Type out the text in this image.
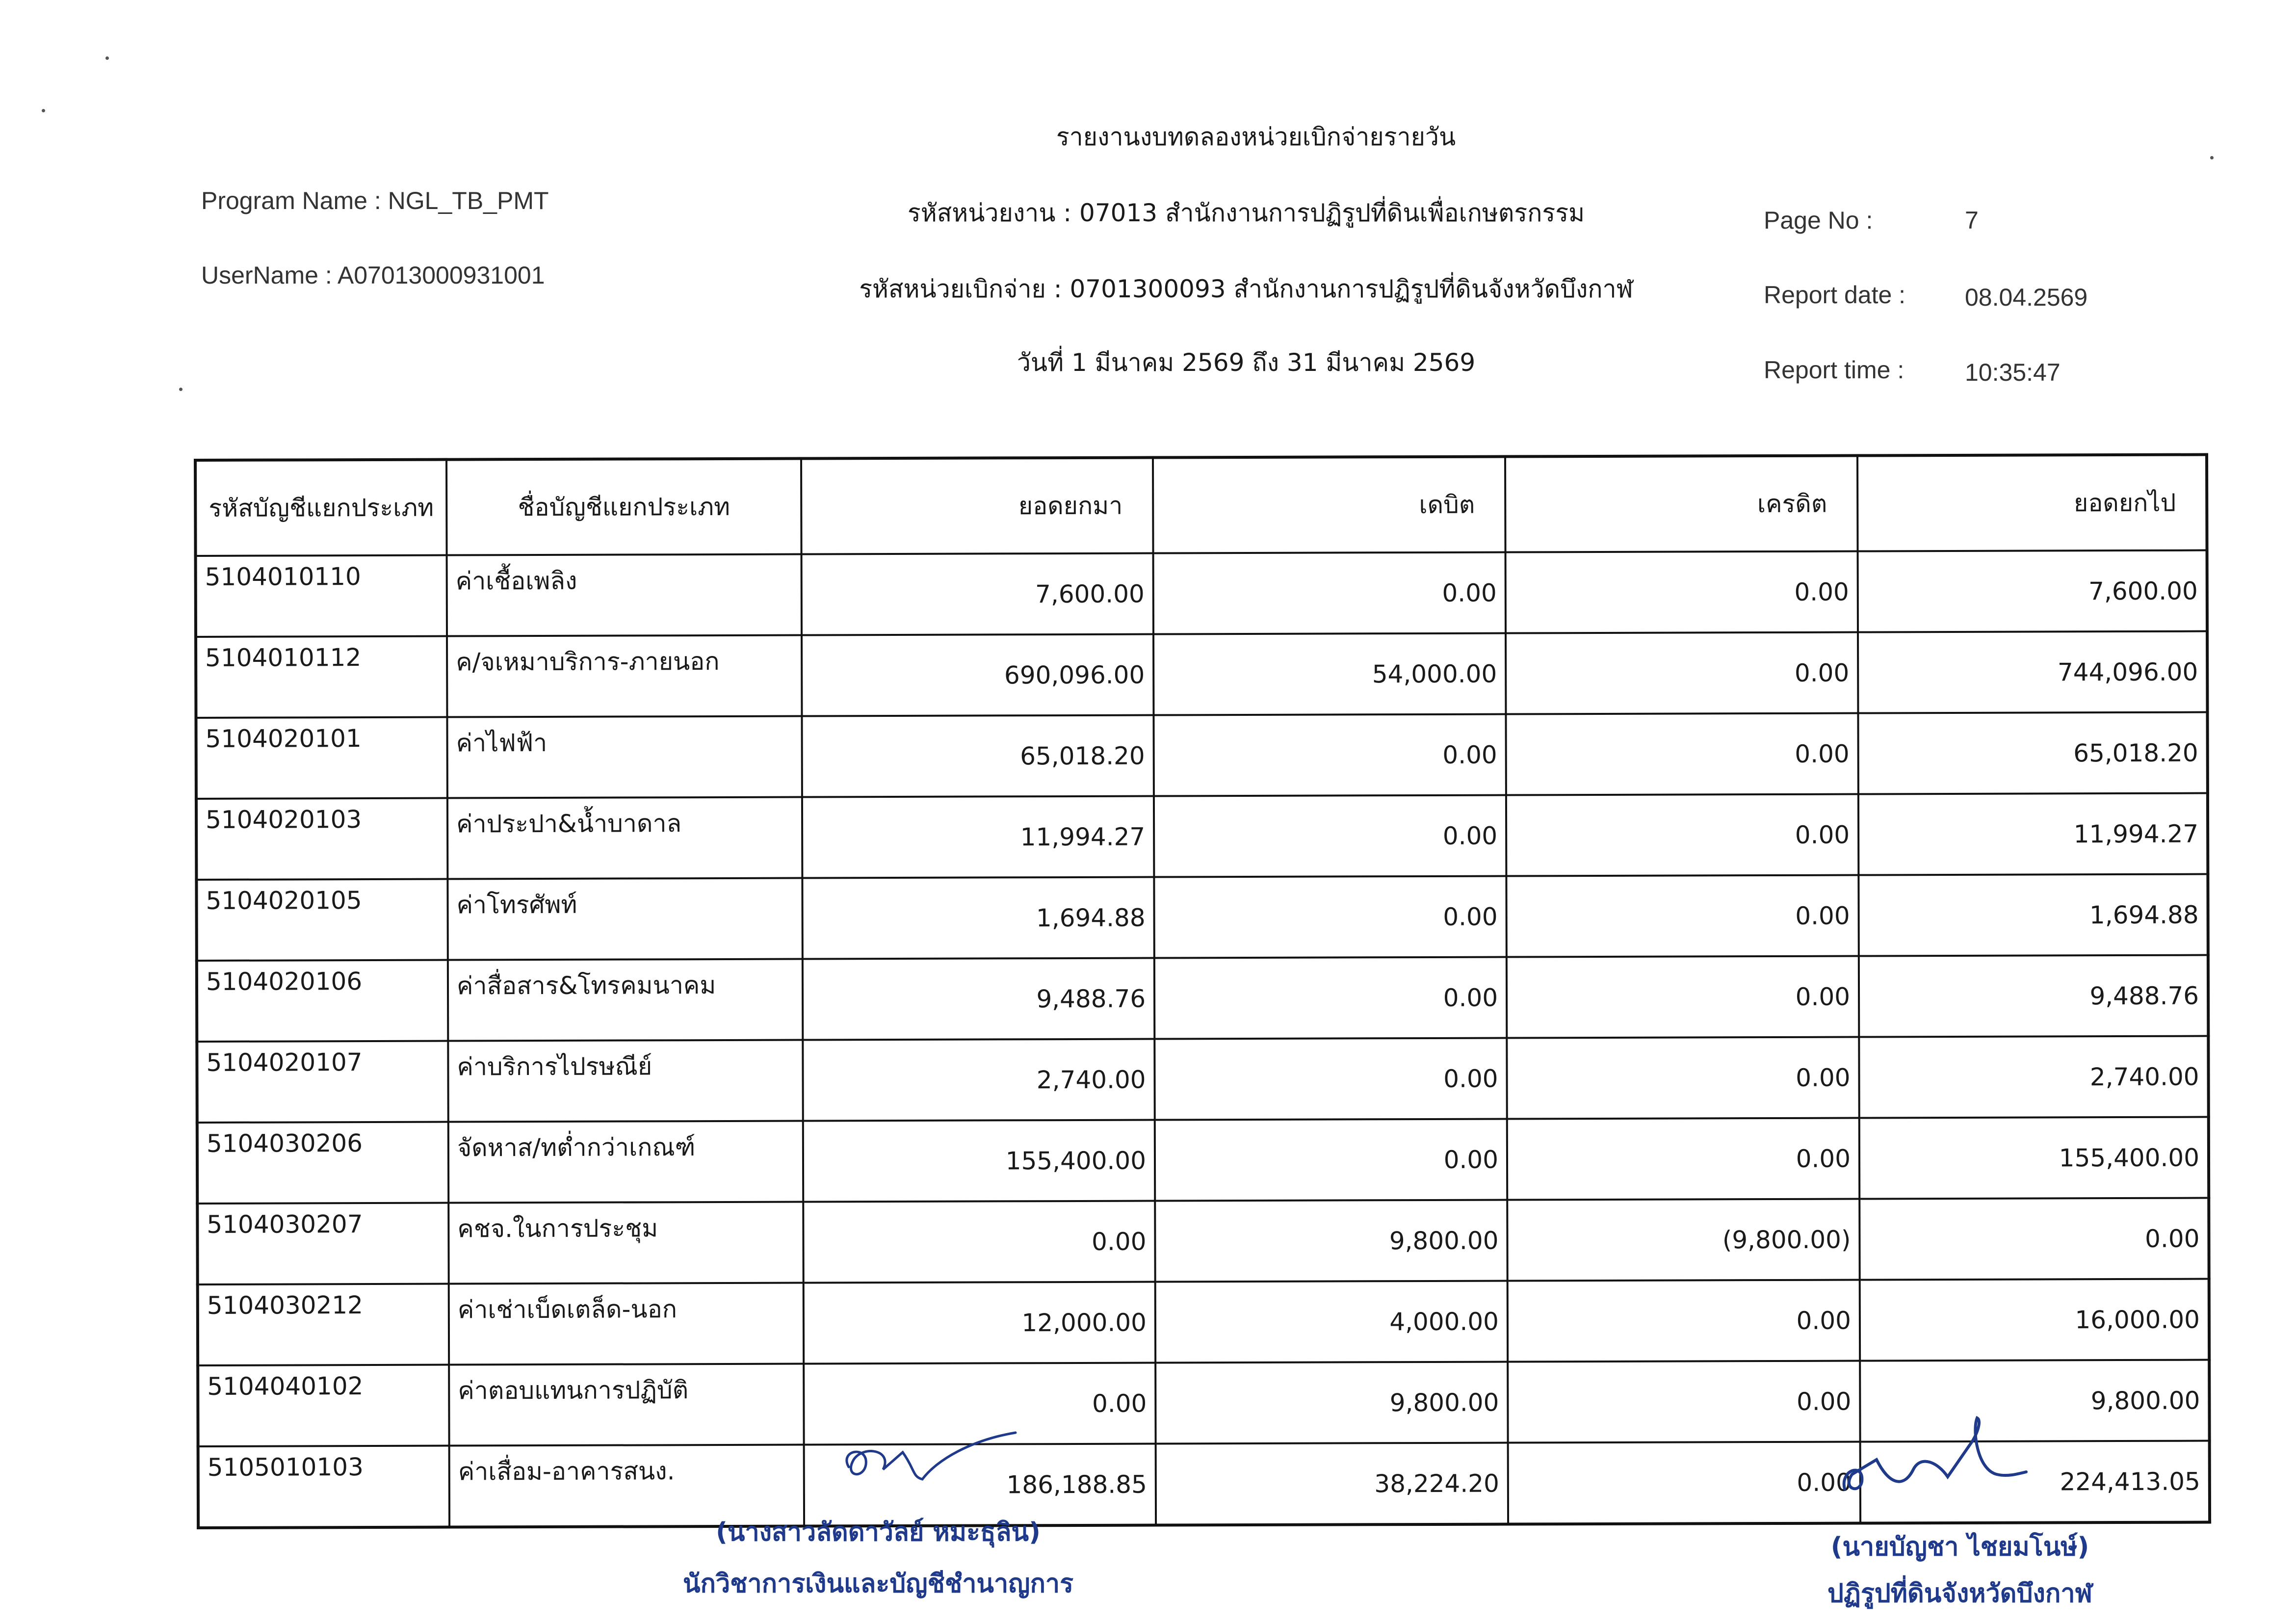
รายงานงบทดลองหน่วยเบิกจ่ายรายวัน
รหัสหน่วยงาน : 07013 สำนักงานการปฏิรูปที่ดินเพื่อเกษตรกรรม
รหัสหน่วยเบิกจ่าย : 0701300093 สำนักงานการปฏิรูปที่ดินจังหวัดบึงกาฬ
วันที่ 1 มีนาคม 2569 ถึง 31 มีนาคม 2569
Program Name : NGL_TB_PMT
UserName : A07013000931001
Page No :	7
Report date : 08.04.2569
Report time : 10:35:47
รหัสบัญชีแยกประเภท	ชื่อบัญชีแยกประเภท	ยอดยกมา	เดบิต	เครดิต	ยอดยกไป
5104010110	ค่าเชื้อเพลิง	7,600.00	0.00	0.00	7,600.00
5104010112	ค/จเหมาบริการ-ภายนอก	690,096.00	54,000.00	0.00	744,096.00
5104020101	ค่าไฟฟ้า	65,018.20	0.00	0.00	65,018.20
5104020103	ค่าประปา&น้ำบาดาล	11,994.27	0.00	0.00	11,994.27
5104020105	ค่าโทรศัพท์	1,694.88	0.00	0.00	1,694.88
5104020106	ค่าสื่อสาร&โทรคมนาคม	9,488.76	0.00	0.00	9,488.76
5104020107	ค่าบริการไปรษณีย์	2,740.00	0.00	0.00	2,740.00
5104030206	จัดหาส/ทต่ำกว่าเกณฑ์	155,400.00	0.00	0.00	155,400.00
5104030207	คชจ.ในการประชุม	0.00	9,800.00	(9,800.00)	0.00
5104030212	ค่าเช่าเบ็ดเตล็ด-นอก	12,000.00	4,000.00	0.00	16,000.00
5104040102	ค่าตอบแทนการปฏิบัติ	0.00	9,800.00	0.00	9,800.00
5105010103	ค่าเสื่อม-อาคารสนง.	186,188.85	38,224.20	0.00	224,413.05
(นางสาวลัดดาวัลย์ หมะธุลิน)
นักวิชาการเงินและบัญชีชำนาญการ
(นายบัญชา ไชยมโนษ์)
ปฏิรูปที่ดินจังหวัดบึงกาฬ
